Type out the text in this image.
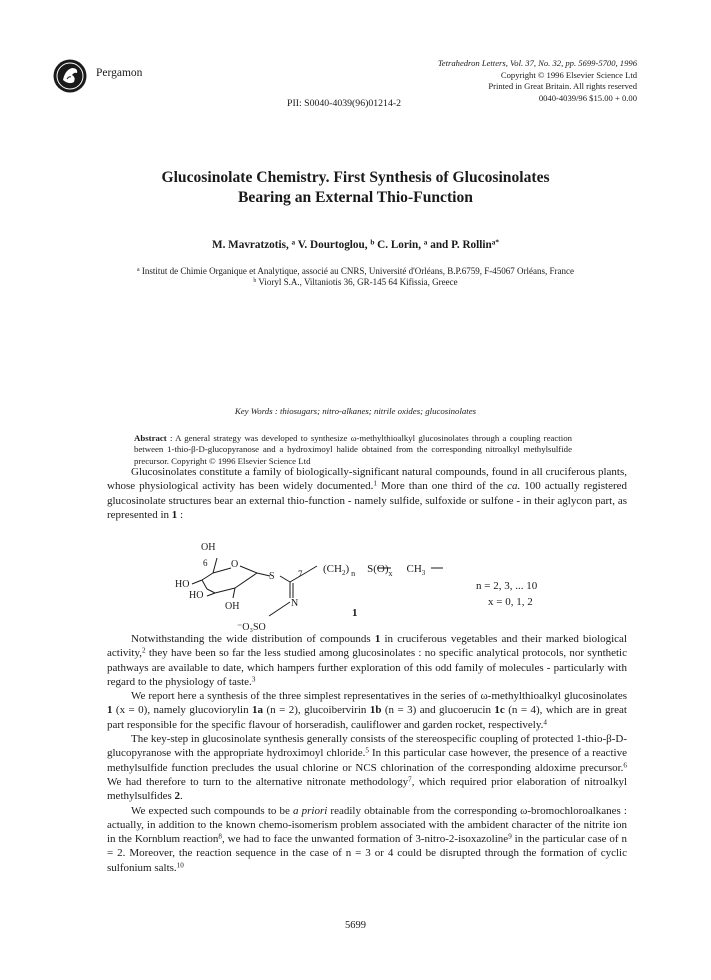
Pergamon
Tetrahedron Letters, Vol. 37, No. 32, pp. 5699-5700, 1996
Copyright © 1996 Elsevier Science Ltd
Printed in Great Britain. All rights reserved
0040-4039/96 $15.00 + 0.00
PII: S0040-4039(96)01214-2
Glucosinolate Chemistry. First Synthesis of Glucosinolates
Bearing an External Thio-Function
M. Mavratzotis, $^a$ V. Dourtoglou, $^b$ C. Lorin, $^a$ and P. Rollin$^{a*}$
$^a$ Institut de Chimie Organique et Analytique, associé au CNRS, Université d'Orléans, B.P.6759, F-45067 Orléans, France
$^b$ Vioryl S.A., Viltaniotis 36, GR-145 64 Kifissia, Greece
Key Words : thiosugars; nitro-alkanes; nitrile oxides; glucosinolates
Abstract : A general strategy was developed to synthesize ω-methylthioalkyl glucosinolates through a coupling reaction between 1-thio-β-D-glucopyranose and a hydroximoyl halide obtained from the corresponding nitroalkyl methylsulfide precursor. Copyright © 1996 Elsevier Science Ltd

Glucosinolates constitute a family of biologically-significant natural compounds, found in all cruciferous plants, whose physiological activity has been widely documented.$^1$ More than one third of the ca. 100 actually registered glucosinolate structures bear an external thio-function - namely sulfide, sulfoxide or sulfone - in their aglycon part, as represented in 1 :

OH
6 O
S	7 $(CH_2)$ $_n$ $S(O)_x$ $CH_3$
HO
HO
OH	N
⁻O₃SO
1
n = 2, 3, ... 10
x = 0, 1, 2

Notwithstanding the wide distribution of compounds 1 in cruciferous vegetables and their marked biological activity,$^2$ they have been so far the less studied among glucosinolates : no specific analytical protocols, nor synthetic pathways are available to date, which hampers further exploration of this odd family of molecules - particularly with regard to the physiology of taste.$^3$

We report here a synthesis of the three simplest representatives in the series of ω-methylthioalkyl glucosinolates 1 (x = 0), namely glucoviorylin 1a (n = 2), glucoibervirin 1b (n = 3) and glucoerucin 1c (n = 4), which are in great part responsible for the specific flavour of horseradish, cauliflower and garden rocket, respectively.$^4$

The key-step in glucosinolate synthesis generally consists of the stereospecific coupling of protected 1-thio-β-D-glucopyranose with the appropriate hydroximoyl chloride.$^5$ In this particular case however, the presence of a reactive methylsulfide function precludes the usual chlorine or NCS chlorination of the corresponding aldoxime precursor.$^6$ We had therefore to turn to the alternative nitronate methodology$^7$, which required prior elaboration of nitroalkyl methylsulfides 2.

We expected such compounds to be a priori readily obtainable from the corresponding ω-bromochloroalkanes : actually, in addition to the known chemo-isomerism problem associated with the ambident character of the nitrite ion in the Kornblum reaction$^8$, we had to face the unwanted formation of 3-nitro-2-isoxazoline$^9$ in the particular case of n = 2. Moreover, the reaction sequence in the case of n = 3 or 4 could be disrupted through the formation of cyclic sulfonium salts.$^{10}$

5699
